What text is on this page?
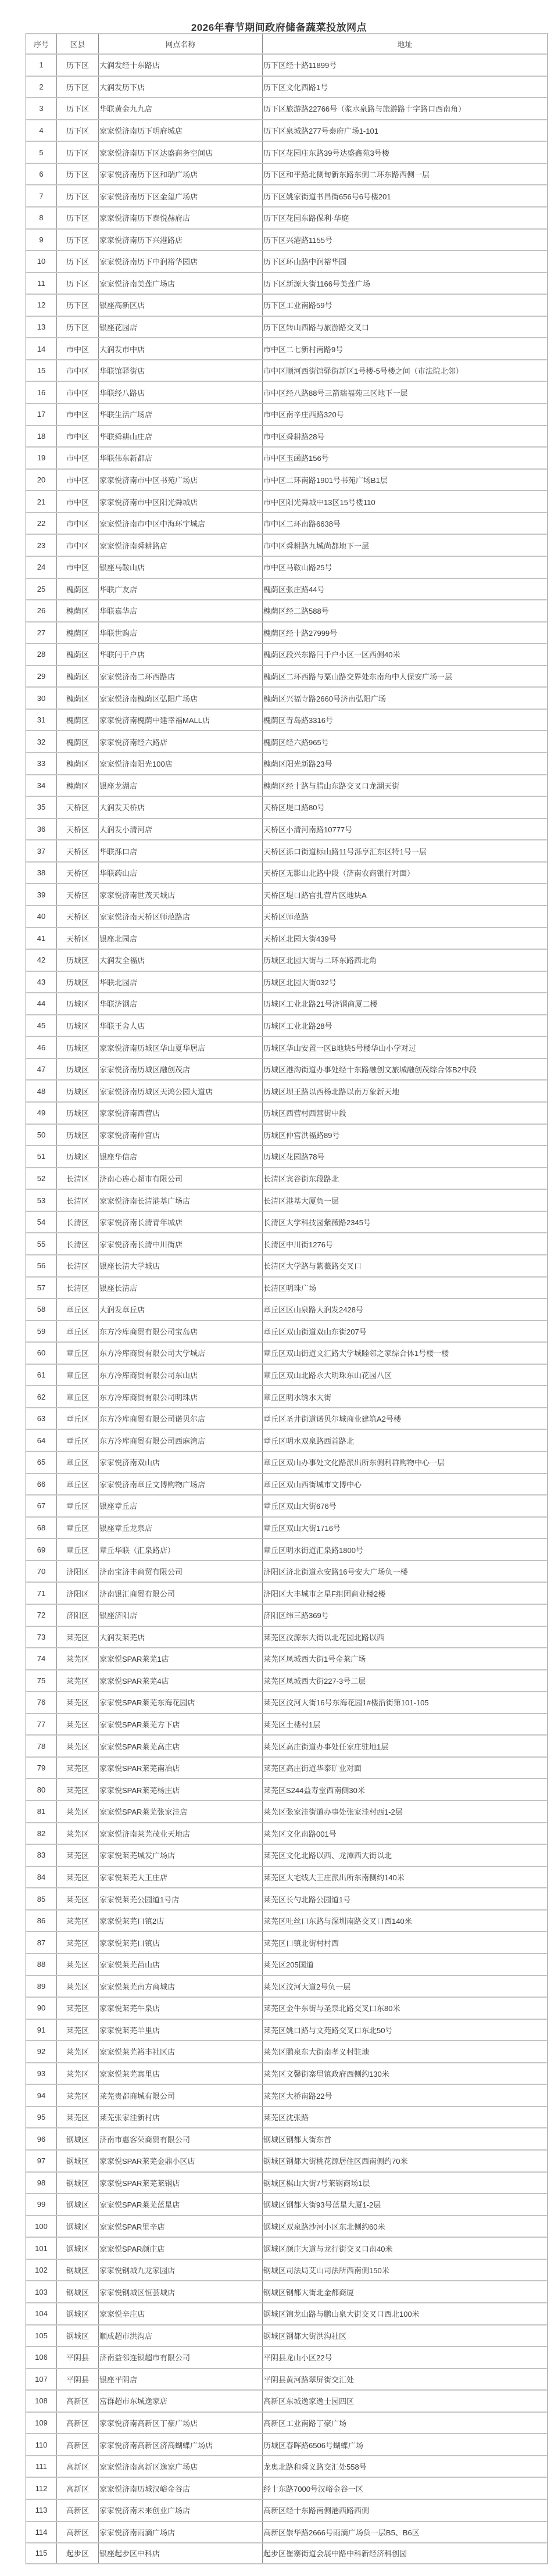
2026年春节期间政府储备蔬菜投放网点
序号	区县	网点名称	地址
1	历下区	大润发经十东路店	历下区经十路11899号
2	历下区	大润发历下店	历下区文化西路1号
3	历下区	华联黄金九九店	历下区旅游路22766号（浆水泉路与旅游路十字路口西南角）
4	历下区	家家悦济南历下明府城店	历下区泉城路277号泰府广场1-101
5	历下区	家家悦济南历下区达盛商务空间店	历下区花园庄东路39号达盛鑫苑3号楼
6	历下区	家家悦济南历下区和瑞广场店	历下区和平路北侧甸新东路东侧二环东路西侧一层
7	历下区	家家悦济南历下区金玺广场店	历下区姚家街道书昌街656号6号楼201
8	历下区	家家悦济南历下泰悦赫府店	历下区花园东路保利·华庭
9	历下区	家家悦济南历下兴港路店	历下区兴港路1155号
10	历下区	家家悦济南历下中润裕华园店	历下区环山路中润裕华园
11	历下区	家家悦济南美莲广场店	历下区新源大街1166号美莲广场
12	历下区	银座高新区店	历下区工业南路59号
13	历下区	银座花园店	历下区转山西路与旅游路交叉口
14	市中区	大润发市中店	市中区二七新村南路9号
15	市中区	华联馆驿街店	市中区顺河西街馆驿街新区1号楼-5号楼之间（市法院北邻）
16	市中区	华联经八路店	市中区经八路88号三箭瑞福苑三区地下一层
17	市中区	华联生活广场店	市中区南辛庄西路320号
18	市中区	华联舜耕山庄店	市中区舜耕路28号
19	市中区	华联伟东新都店	市中区玉函路156号
20	市中区	家家悦济南市中区书苑广场店	市中区二环南路1901号书苑广场B1层
21	市中区	家家悦济南市中区阳光舜城店	市中区阳光舜城中13区15号楼110
22	市中区	家家悦济南市中区中海环宇城店	市中区二环南路6638号
23	市中区	家家悦济南舜耕路店	市中区舜耕路九城尚都地下一层
24	市中区	银座马鞍山店	市中区马鞍山路25号
25	槐荫区	华联广友店	槐荫区张庄路44号
26	槐荫区	华联嘉华店	槐荫区经二路588号
27	槐荫区	华联世购店	槐荫区经十路27999号
28	槐荫区	华联闫千户店	槐荫区段兴东路闫千户小区一区西侧40米
29	槐荫区	家家悦济南二环西路店	槐荫区二环西路与粟山路交界处东南角中人保安广场一层
30	槐荫区	家家悦济南槐荫区弘阳广场店	槐荫区兴福寺路2660号济南弘阳广场
31	槐荫区	家家悦济南槐荫中建幸福MALL店	槐荫区青岛路3316号
32	槐荫区	家家悦济南经六路店	槐荫区经六路965号
33	槐荫区	家家悦济南阳光100店	槐荫区阳光新路23号
34	槐荫区	银座龙湖店	槐荫区经十路与腊山东路交叉口龙湖天街
35	天桥区	大润发天桥店	天桥区堤口路80号
36	天桥区	大润发小清河店	天桥区小清河南路10777号
37	天桥区	华联泺口店	天桥区泺口街道标山路11号泺享汇东区特1号一层
38	天桥区	华联药山店	天桥区无影山北路中段（济南农商银行对面）
39	天桥区	家家悦济南世茂天城店	天桥区堤口路官扎营片区地块A
40	天桥区	家家悦济南天桥区师范路店	天桥区师范路
41	天桥区	银座北园店	天桥区北园大街439号
42	历城区	大润发全福店	历城区北园大街与二环东路西北角
43	历城区	华联北园店	历城区北园大街032号
44	历城区	华联济钢店	历城区工业北路21号济钢商厦二楼
45	历城区	华联王舍人店	历城区工业北路28号
46	历城区	家家悦济南历城区华山夏华居店	历城区华山安置一区B地块5号楼华山小学对过
47	历城区	家家悦济南历城区融创茂店	历城区港沟街道办事处经十东路融创文旅城融创茂综合体B2中段
48	历城区	家家悦济南历城区天鸿公园大道店	历城区坝王路以西杨北路以南万象新天地
49	历城区	家家悦济南西营店	历城区西营村西营街中段
50	历城区	家家悦济南仲宫店	历城区仲宫洪福路89号
51	历城区	银座华信店	历城区花园路78号
52	长清区	济南心连心超市有限公司	长清区宾谷街东段路北
53	长清区	家家悦济南长清港基广场店	长清区港基大厦负一层
54	长清区	家家悦济南长清青年城店	长清区大学科技园紫薇路2345号
55	长清区	家家悦济南长清中川街店	长清区中川街1276号
56	长清区	银座长清大学城店	长清区大学路与紫薇路交叉口
57	长清区	银座长清店	长清区明珠广场
58	章丘区	大润发章丘店	章丘区区山泉路大润发2428号
59	章丘区	东方冷库商贸有限公司宝岛店	章丘区双山街道双山东街207号
60	章丘区	东方冷库商贸有限公司大学城店	章丘区双山街道文汇路大学城睦邻之家综合体1号楼一楼
61	章丘区	东方冷库商贸有限公司东山店	章丘区双山北路永大明珠东山花园八区
62	章丘区	东方冷库商贸有限公司明珠店	章丘区明水绣水大街
63	章丘区	东方冷库商贸有限公司诺贝尔店	章丘区圣井街道诺贝尔城商业建筑A2号楼
64	章丘区	东方冷库商贸有限公司西麻湾店	章丘区明水双泉路西首路北
65	章丘区	家家悦济南双山店	章丘区双山办事处文化路派出所东侧利群购物中心一层
66	章丘区	家家悦济南章丘文博购物广场店	章丘区双山西街城市文博中心
67	章丘区	银座章丘店	章丘区双山大街676号
68	章丘区	银座章丘龙泉店	章丘区双山大街1716号
69	章丘区	章丘华联（汇泉路店）	章丘区明水街道汇泉路1800号
70	济阳区	济南宝济丰商贸有限公司	济阳区济北街道永安路16号安大广场负一楼
71	济阳区	济南银汇商贸有限公司	济阳区大丰城市之星F组团商业楼2楼
72	济阳区	银座济阳店	济阳区纬三路369号
73	莱芜区	大润发莱芜店	莱芜区汶源东大街以北花园北路以西
74	莱芜区	家家悦SPAR莱芜1店	莱芜区凤城西大街1号金莱广场
75	莱芜区	家家悦SPAR莱芜4店	莱芜区凤城西大街227-3号二层
76	莱芜区	家家悦SPAR莱芜东海花园店	莱芜区汶河大街16号东海花园1#楼沿街第101-105
77	莱芜区	家家悦SPAR莱芜方下店	莱芜区土楼村1层
78	莱芜区	家家悦SPAR莱芜高庄店	莱芜区高庄街道办事处任家庄驻地1层
79	莱芜区	家家悦SPAR莱芜南冶店	莱芜区高庄街道华泰矿业对面
80	莱芜区	家家悦SPAR莱芜杨庄店	莱芜区S244益寿堂西南侧30米
81	莱芜区	家家悦SPAR莱芜张家洼店	莱芜区张家洼街道办事处张家洼村西1-2层
82	莱芜区	家家悦济南莱芜茂业天地店	莱芜区文化南路001号
83	莱芜区	家家悦莱芜城发广场店	莱芜区文化北路以西、龙潭西大街以北
84	莱芜区	家家悦莱芜大王庄店	莱芜区大宅线大王庄派出所东南侧约140米
85	莱芜区	家家悦莱芜公园道1号店	莱芜区长勺北路公园道1号
86	莱芜区	家家悦莱芜口镇2店	莱芜区吐丝口东路与深圳南路交叉口西140米
87	莱芜区	家家悦莱芜口镇店	莱芜区口镇北街村村西
88	莱芜区	家家悦莱芜苗山店	莱芜区205国道
89	莱芜区	家家悦莱芜南方商城店	莱芜区汶河大道2号负一层
90	莱芜区	家家悦莱芜牛泉店	莱芜区金牛东街与圣泉北路交叉口东80米
91	莱芜区	家家悦莱芜羊里店	莱芜区姚口路与文苑路交叉口东北50号
92	莱芜区	家家悦莱芜裕丰社区店	莱芜区鹏泉东大街南孝义村驻地
93	莱芜区	家家悦莱芜寨里店	莱芜区文馨街寨里镇政府西侧约130米
94	莱芜区	莱芜贵都商城有限公司	莱芜区大桥南路22号
95	莱芜区	莱芜张家洼新村店	莱芜区沈张路
96	钢城区	济南市惠客荣商贸有限公司	钢城区钢都大街东首
97	钢城区	家家悦SPAR莱芜金鼎小区店	钢城区钢都大街桃花源居住区西南侧约70米
98	钢城区	家家悦SPAR莱芜莱钢店	钢城区棋山大街7号莱钢商场1层
99	钢城区	家家悦SPAR莱芜蓝星店	钢城区钢都大街93号蓝星大厦1-2层
100	钢城区	家家悦SPAR里辛店	钢城区双泉路沙河小区东北侧约60米
101	钢城区	家家悦SPAR颜庄店	钢城区颜庄大道与龙行街交叉口南40米
102	钢城区	家家悦钢城九龙家园店	钢城区司法局艾山司法所西南侧150米
103	钢城区	家家悦钢城区恒荟城店	钢城区钢都大街北金都商厦
104	钢城区	家家悦辛庄店	钢城区锦龙山路与鹏山泉大街交叉口西北100米
105	钢城区	顺成超市洪沟店	钢城区钢都大街洪沟社区
106	平阴县	济南益邻连锁超市有限公司	平阴县龙山小区22号
107	平阴县	银座平阴店	平阴县黄河路翠屏街交汇处
108	高新区	富群超市东城逸家店	高新区东城逸家逸士园四区
109	高新区	家家悦济南高新区丁豪广场店	高新区工业南路丁豪广场
110	高新区	家家悦济南高新区济高蝴蝶广场店	历城区春晖路6506号蝴蝶广场
111	高新区	家家悦济南高新区逸家广场店	龙奥北路和舜义路交汇处558号
112	高新区	家家悦济南历城汉峪金谷店	经十东路7000号汉峪金谷一区
113	高新区	家家悦济南未来创业广场店	高新区经十东路南侧港西路西侧
114	高新区	家家悦济南雨滴广场店	高新区崇华路2666号雨滴广场负一层B5、B6区
115	起步区	银座起步区中科店	起步区崔寨街道会展中路中科新经济科创园
